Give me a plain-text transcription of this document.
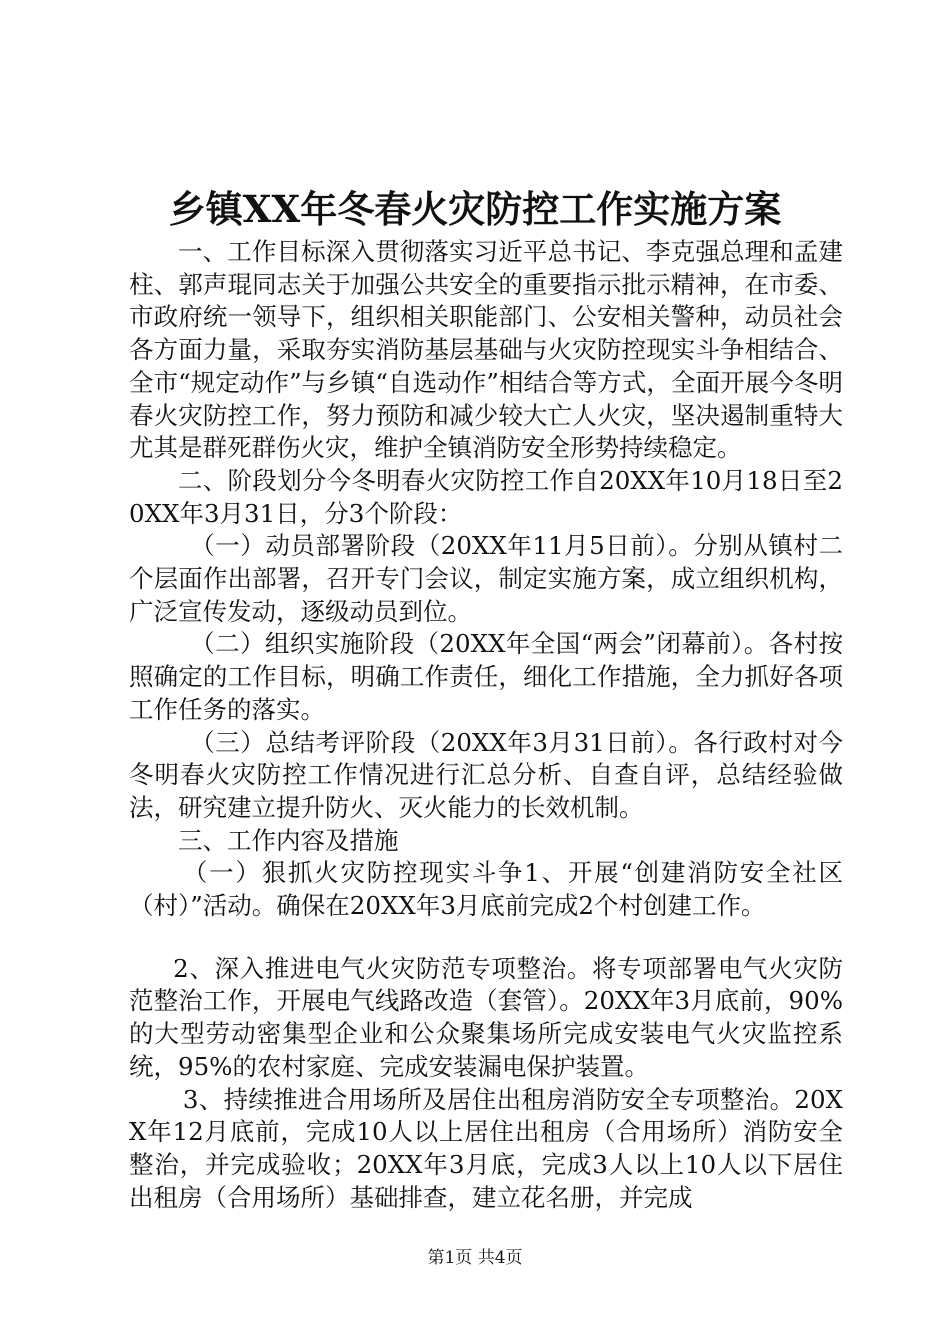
乡镇XX年冬春火灾防控工作实施方案

一、工作目标深入贯彻落实习近平总书记、李克强总理和孟建柱、郭声琨同志关于加强公共安全的重要指示批示精神，在市委、市政府统一领导下，组织相关职能部门、公安相关警种，动员社会各方面力量，采取夯实消防基层基础与火灾防控现实斗争相结合、全市“规定动作”与乡镇“自选动作”相结合等方式，全面开展今冬明春火灾防控工作，努力预防和减少较大亡人火灾，坚决遏制重特大尤其是群死群伤火灾，维护全镇消防安全形势持续稳定。

二、阶段划分今冬明春火灾防控工作自20XX年10月18日至20XX年3月31日，分3个阶段：

（一）动员部署阶段（20XX年11月5日前）。分别从镇村二个层面作出部署，召开专门会议，制定实施方案，成立组织机构，广泛宣传发动，逐级动员到位。

（二）组织实施阶段（20XX年全国“两会”闭幕前）。各村按照确定的工作目标，明确工作责任，细化工作措施，全力抓好各项工作任务的落实。

（三）总结考评阶段（20XX年3月31日前）。各行政村对今冬明春火灾防控工作情况进行汇总分析、自查自评，总结经验做法，研究建立提升防火、灭火能力的长效机制。

三、工作内容及措施

（一）狠抓火灾防控现实斗争1、开展“创建消防安全社区（村）”活动。确保在20XX年3月底前完成2个村创建工作。

2、深入推进电气火灾防范专项整治。将专项部署电气火灾防范整治工作，开展电气线路改造（套管）。20XX年3月底前，90%的大型劳动密集型企业和公众聚集场所完成安装电气火灾监控系统，95%的农村家庭、完成安装漏电保护装置。

3、持续推进合用场所及居住出租房消防安全专项整治。20XX年12月底前，完成10人以上居住出租房（合用场所）消防安全整治，并完成验收；20XX年3月底，完成3人以上10人以下居住出租房（合用场所）基础排查，建立花名册，并完成

第1页 共4页
